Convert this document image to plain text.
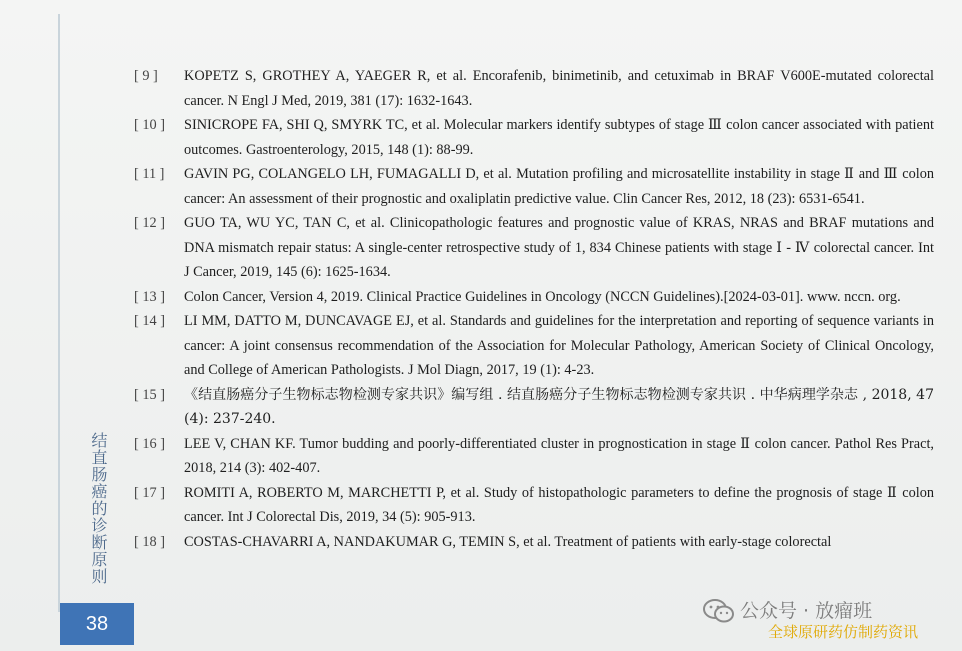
结直肠癌的诊断原则
38
[ 9 ] KOPETZ S, GROTHEY A, YAEGER R, et al. Encorafenib, binimetinib, and cetuximab in BRAF V600E-mutated colorectal cancer. N Engl J Med, 2019, 381 (17): 1632-1643.
[ 10 ] SINICROPE FA, SHI Q, SMYRK TC, et al. Molecular markers identify subtypes of stage Ⅲ colon cancer associated with patient outcomes. Gastroenterology, 2015, 148 (1): 88-99.
[ 11 ] GAVIN PG, COLANGELO LH, FUMAGALLI D, et al. Mutation profiling and microsatellite instability in stage Ⅱ and Ⅲ colon cancer: An assessment of their prognostic and oxaliplatin predictive value. Clin Cancer Res, 2012, 18 (23): 6531-6541.
[ 12 ] GUO TA, WU YC, TAN C, et al. Clinicopathologic features and prognostic value of KRAS, NRAS and BRAF mutations and DNA mismatch repair status: A single-center retrospective study of 1, 834 Chinese patients with stage Ⅰ - Ⅳ colorectal cancer. Int J Cancer, 2019, 145 (6): 1625-1634.
[ 13 ] Colon Cancer, Version 4, 2019. Clinical Practice Guidelines in Oncology (NCCN Guidelines).[2024-03-01]. www. nccn. org.
[ 14 ] LI MM, DATTO M, DUNCAVAGE EJ, et al. Standards and guidelines for the interpretation and reporting of sequence variants in cancer: A joint consensus recommendation of the Association for Molecular Pathology, American Society of Clinical Oncology, and College of American Pathologists. J Mol Diagn, 2017, 19 (1): 4-23.
[ 15 ] 《结直肠癌分子生物标志物检测专家共识》编写组 . 结直肠癌分子生物标志物检测专家共识 . 中华病理学杂志 , 2018, 47 (4): 237-240.
[ 16 ] LEE V, CHAN KF. Tumor budding and poorly-differentiated cluster in prognostication in stage Ⅱ colon cancer. Pathol Res Pract, 2018, 214 (3): 402-407.
[ 17 ] ROMITI A, ROBERTO M, MARCHETTI P, et al. Study of histopathologic parameters to define the prognosis of stage Ⅱ colon cancer. Int J Colorectal Dis, 2019, 34 (5): 905-913.
[ 18 ] COSTAS-CHAVARRI A, NANDAKUMAR G, TEMIN S, et al. Treatment of patients with early-stage colorectal
公众号 · 放瘤班
全球原研药仿制药资讯
